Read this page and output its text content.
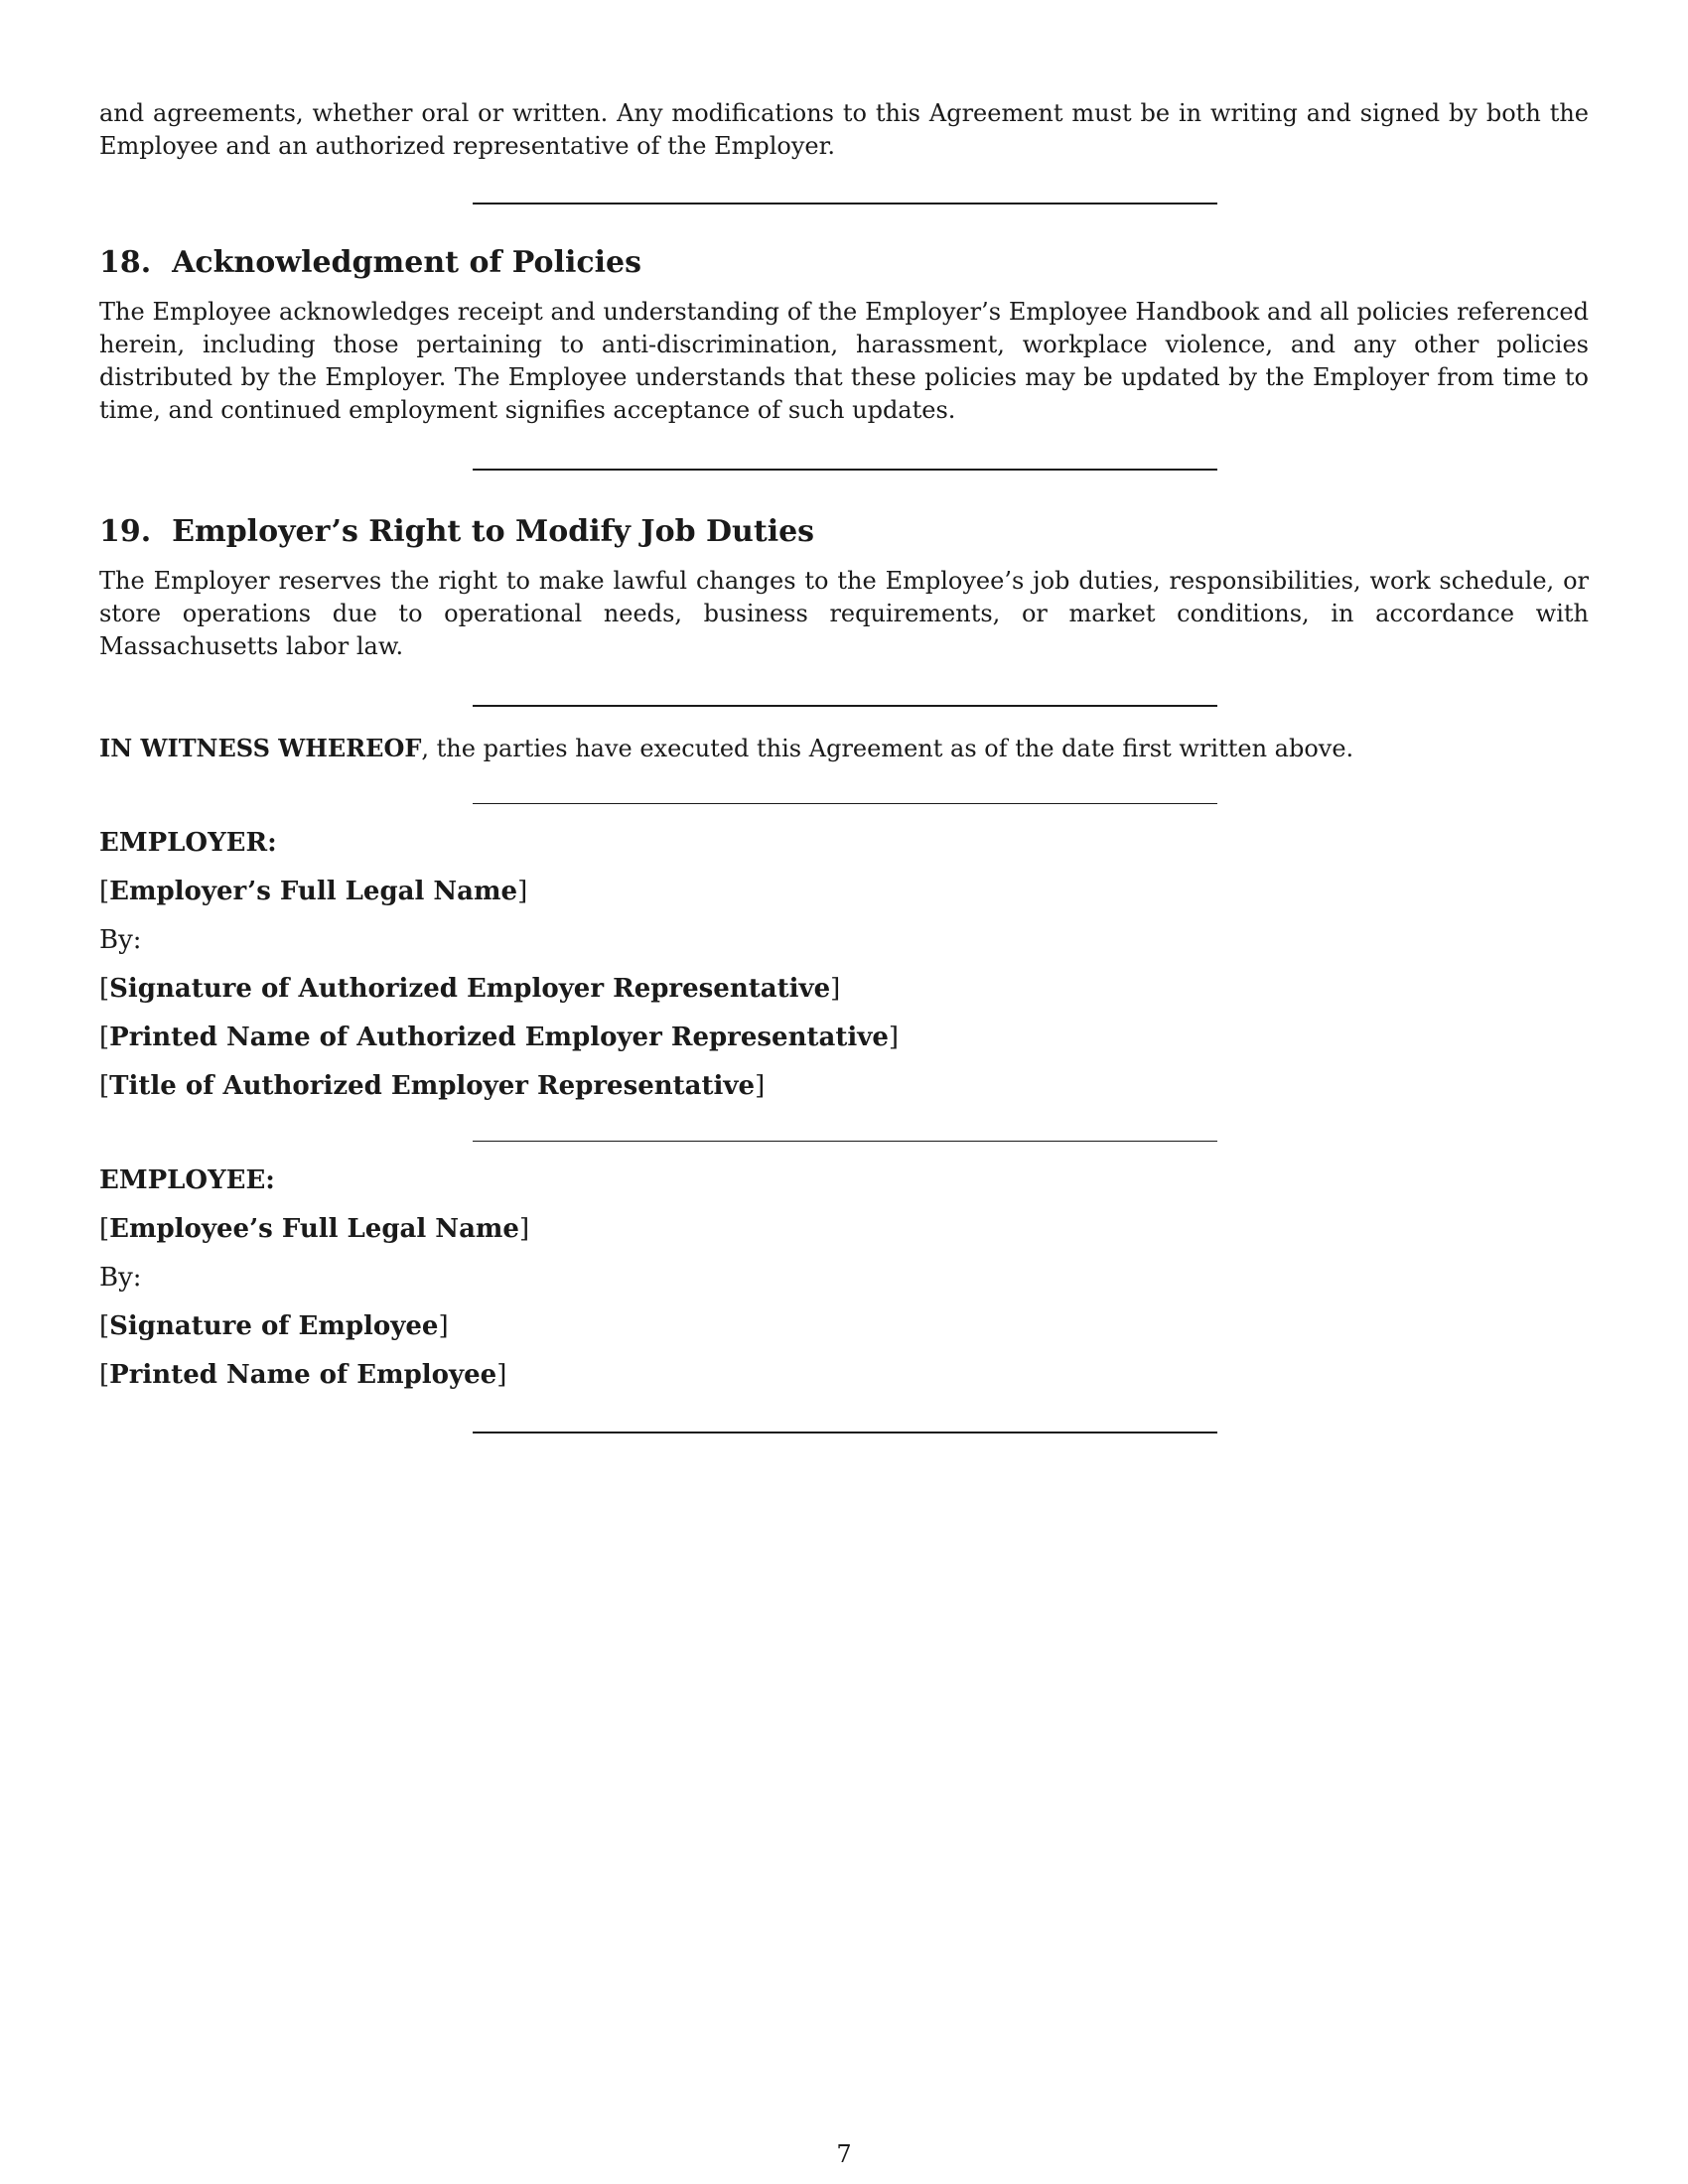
and agreements, whether oral or written. Any modifications to this Agreement must be in writing and signed by both the Employee and an authorized representative of the Employer.

18. Acknowledgment of Policies

The Employee acknowledges receipt and understanding of the Employer’s Employee Handbook and all policies referenced herein, including those pertaining to anti-discrimination, harassment, workplace violence, and any other policies distributed by the Employer. The Employee understands that these policies may be updated by the Employer from time to time, and continued employment signifies acceptance of such updates.

19. Employer’s Right to Modify Job Duties

The Employer reserves the right to make lawful changes to the Employee’s job duties, responsibilities, work schedule, or store operations due to operational needs, business requirements, or market conditions, in accordance with Massachusetts labor law.

IN WITNESS WHEREOF, the parties have executed this Agreement as of the date first written above.

EMPLOYER:

[Employer’s Full Legal Name]

By:

[Signature of Authorized Employer Representative]

[Printed Name of Authorized Employer Representative]

[Title of Authorized Employer Representative]

EMPLOYEE:

[Employee’s Full Legal Name]

By:

[Signature of Employee]

[Printed Name of Employee]

7
